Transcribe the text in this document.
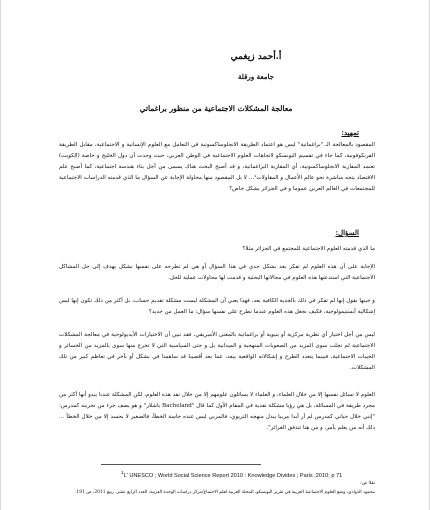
أ.أحمد زيغمي
جامعة ورقلة
معالجة المشكلات الاجتماعية من منظور براغماتي
تمهيد:
المقصود بالمعالجة الـ "براغماتية" ليس هو اعتماد الطريقة الانجلوساكسونية في التعامل مع العلوم الإنسانية و الاجتماعية، مقابل الطريقة الفرنكوفونية، كما جاء في تقسيم اليونسكو لاتجاهات العلوم الاجتماعية في الوطن العربي، حيث وجدت أن دول الخليج و خاصة (الكويت) تعتمد المقاربة الانجلوساكسونية، أي المقاربة البراغماتية، و قد أصبح البحث هناك يسمى من أجل بناء هندسة اجتماعية، كما أصبح علم الاقتصاد يتجه مباشرة نحو عالم الأعمال و المقاولات¹... لا بل المقصود منها محاولة الإجابة عن السؤال ما الذي قدمته الدراسات الاجتماعية للمجتمعات في العالم العربي عموما و في الجزائر بشكل خاص؟
السؤال:
ما الذي قدمته العلوم الاجتماعية للمجتمع في الجزائر مثلا؟
الإجابة على أن هذه العلوم لم تفكر بعد بشكل جدي في هذا السؤال أو هي لم تطرحه على نفسها بشكل يهدف إلى حل المشاكل الاجتماعية التي استدعتها هذه العلوم في مجالاتها البحثية و قدمت لها محاولات عملية للحل.
و حينها نقول إنها لم تفكر في ذلك بالجدية الكافية بعد، فهذا يعني أن المشكلة ليست مشكلة تقديم حساب، بل أكثر من ذلك تكون إنها ليس إشكالية أبستيمولوجية، فكيف نجعل هذه العلوم عندما تطرح على نفسها سؤال: ما العمل من جديد؟
ليس من أجل اختيار أي نظرية مركزية أو بنيوية أو براغماتية بالمعنى الأمبريقي، فقد تبين أن الاختيارات الأيديولوجية في معالجة المشكلات الاجتماعية لم تجلب سوى المزيد من الصعوبات المنهجية و الميدانية بل و حتى السياسية التي لا تخرج منها سوى بالمزيد من الخسائر و الخيبات الاجتماعية، فبينما يتعدد الطرح و إشكالاته الواقعية يبعد، عما بعد أقصينا قد ساهمنا في بشكل أو بآخر في تعاظم كبير من تلك المشكلات.
العلوم لا تسائل نفسها إلا من خلال العلماء، و العلماء لا يسائلون علومهم إلا من خلال نقد هذه العلوم، لكن المشكلة عندنا يبدو أنها أكثر من مجرد طريقة في المسائلة، بل هي رؤيا مشكلة نقدية في المقام الأول كما قال "Bacheland باشلار" و هو يصف جزء من تجربته كمدرس: "إنني خلال حياتي كمدرس لم أر أبدا مربيا يبدل منهجه التربوي، فالمربي ليس عنده حاسة الخطأ، فالصغير لا يحسد إلا من خلال الخطأ ... ذلك أنه من يعلم يأمر، و من هنا تتدفق الغرائز".
$^1$L' UNESCO ; World Social Science Report 2010 : Knowledge Divides ; Paris ;2010; p 71
نقلا عن:
محمود الذوادي، وضع العلوم الاجتماعية العربية في تقرير اليونسكو، المجلة العربية لعلم الاجتماع/مركز دراسات الوحدة العربية، العدد الرابع عشر، ربيع 2011، ص 191.
